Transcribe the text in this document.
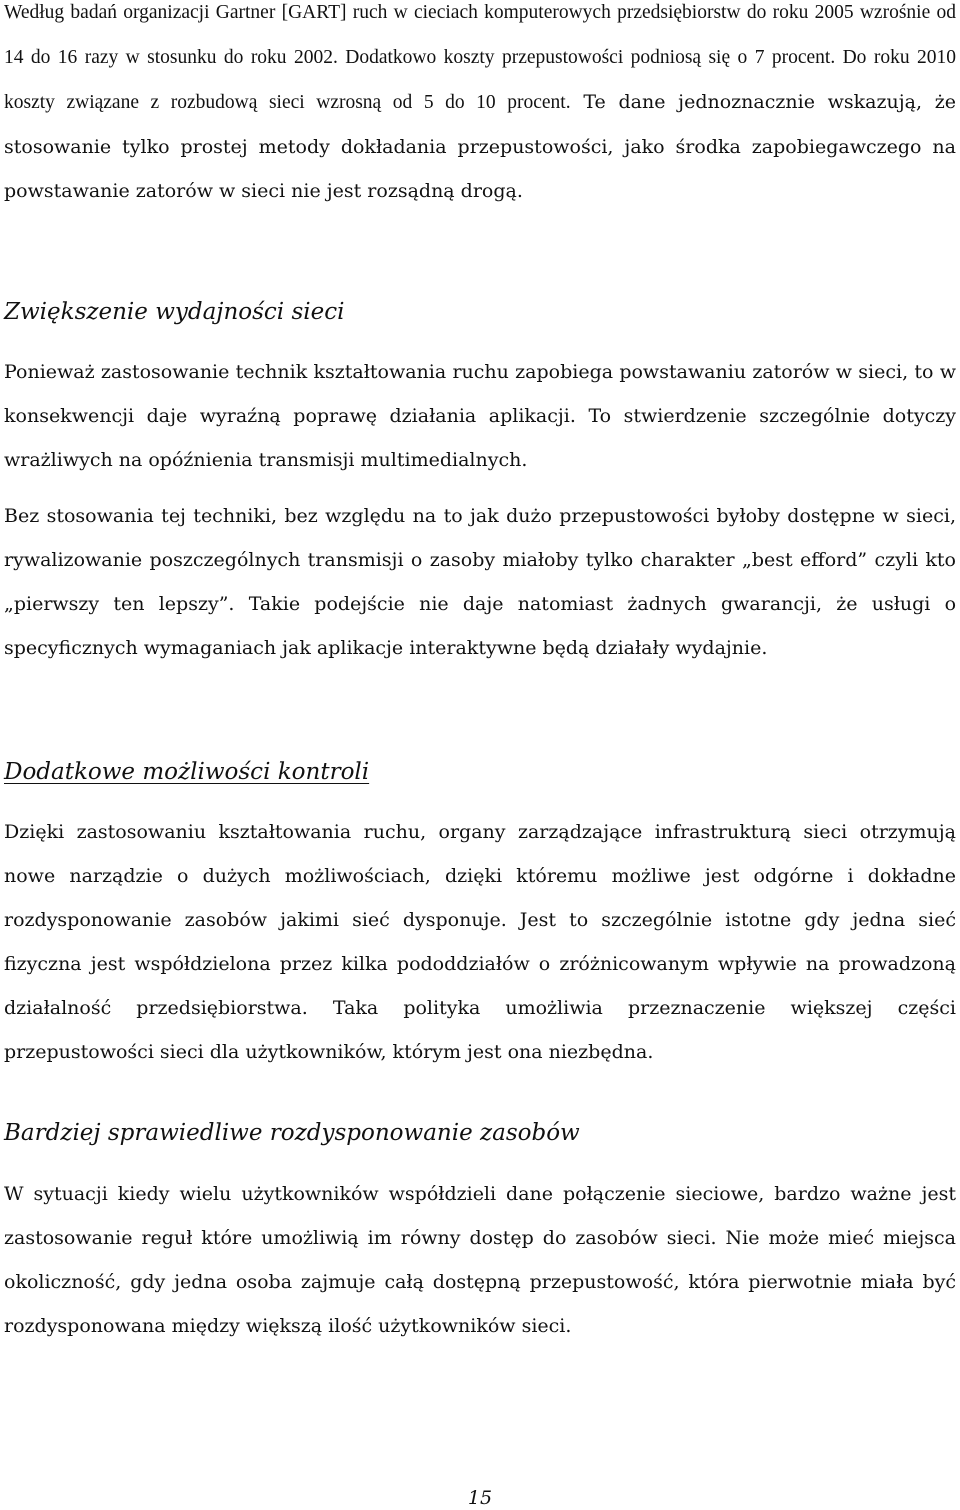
Według badań organizacji Gartner [GART] ruch w cieciach komputerowych przedsiębiorstw do roku 2005 wzrośnie od 14 do 16 razy w stosunku do roku 2002. Dodatkowo koszty przepustowości podniosą się o 7 procent. Do roku 2010 koszty związane z rozbudową sieci wzrosną od 5 do 10 procent. Te dane jednoznacznie wskazują, że stosowanie tylko prostej metody dokładania przepustowości, jako środka zapobiegawczego na powstawanie zatorów w sieci nie jest rozsądną drogą.

Zwiększenie wydajności sieci

Ponieważ zastosowanie technik kształtowania ruchu zapobiega powstawaniu zatorów w sieci, to w konsekwencji daje wyraźną poprawę działania aplikacji. To stwierdzenie szczególnie dotyczy wrażliwych na opóźnienia transmisji multimedialnych.

Bez stosowania tej techniki, bez względu na to jak dużo przepustowości byłoby dostępne w sieci, rywalizowanie poszczególnych transmisji o zasoby miałoby tylko charakter „best efford” czyli kto „pierwszy ten lepszy”. Takie podejście nie daje natomiast żadnych gwarancji, że usługi o specyficznych wymaganiach jak aplikacje interaktywne będą działały wydajnie.

Dodatkowe możliwości kontroli

Dzięki zastosowaniu kształtowania ruchu, organy zarządzające infrastrukturą sieci otrzymują nowe narządzie o dużych możliwościach, dzięki któremu możliwe jest odgórne i dokładne rozdysponowanie zasobów jakimi sieć dysponuje. Jest to szczególnie istotne gdy jedna sieć fizyczna jest współdzielona przez kilka pododdziałów o zróżnicowanym wpływie na prowadzoną działalność przedsiębiorstwa. Taka polityka umożliwia przeznaczenie większej części przepustowości sieci dla użytkowników, którym jest ona niezbędna.

Bardziej sprawiedliwe rozdysponowanie zasobów

W sytuacji kiedy wielu użytkowników współdzieli dane połączenie sieciowe, bardzo ważne jest zastosowanie reguł które umożliwią im równy dostęp do zasobów sieci. Nie może mieć miejsca okoliczność, gdy jedna osoba zajmuje całą dostępną przepustowość, która pierwotnie miała być rozdysponowana między większą ilość użytkowników sieci.

15
